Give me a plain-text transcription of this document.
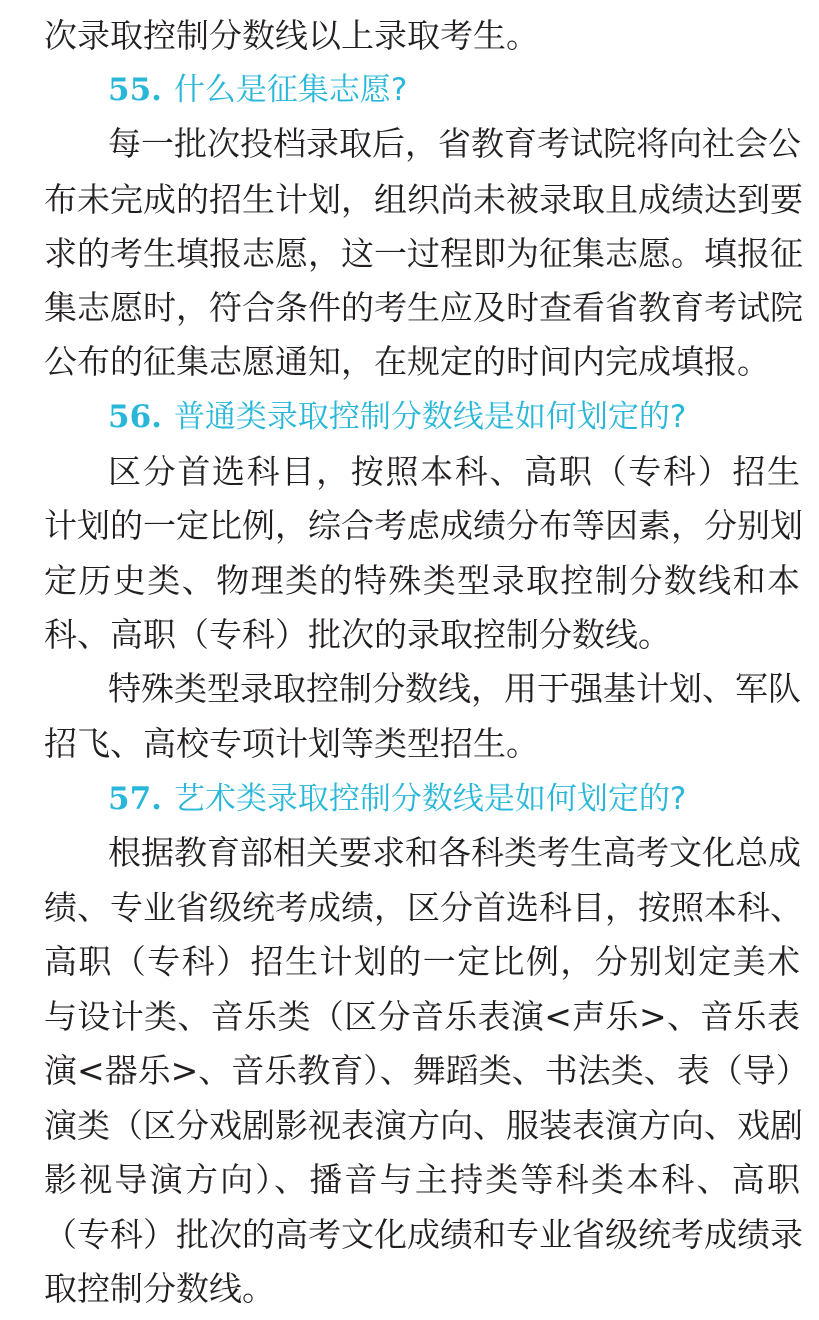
次录取控制分数线以上录取考生。
55. 什么是征集志愿?
每一批次投档录取后，省教育考试院将向社会公
布未完成的招生计划，组织尚未被录取且成绩达到要
求的考生填报志愿，这一过程即为征集志愿。填报征
集志愿时，符合条件的考生应及时查看省教育考试院
公布的征集志愿通知，在规定的时间内完成填报。
56. 普通类录取控制分数线是如何划定的?
区分首选科目，按照本科、高职（专科）招生
计划的一定比例，综合考虑成绩分布等因素，分别划
定历史类、物理类的特殊类型录取控制分数线和本
科、高职（专科）批次的录取控制分数线。
特殊类型录取控制分数线，用于强基计划、军队
招飞、高校专项计划等类型招生。
57. 艺术类录取控制分数线是如何划定的?
根据教育部相关要求和各科类考生高考文化总成
绩、专业省级统考成绩，区分首选科目，按照本科、
高职（专科）招生计划的一定比例，分别划定美术
与设计类、音乐类（区分音乐表演<声乐>、音乐表
演<器乐>、音乐教育）、舞蹈类、书法类、表（导）
演类（区分戏剧影视表演方向、服装表演方向、戏剧
影视导演方向）、播音与主持类等科类本科、高职
（专科）批次的高考文化成绩和专业省级统考成绩录
取控制分数线。
